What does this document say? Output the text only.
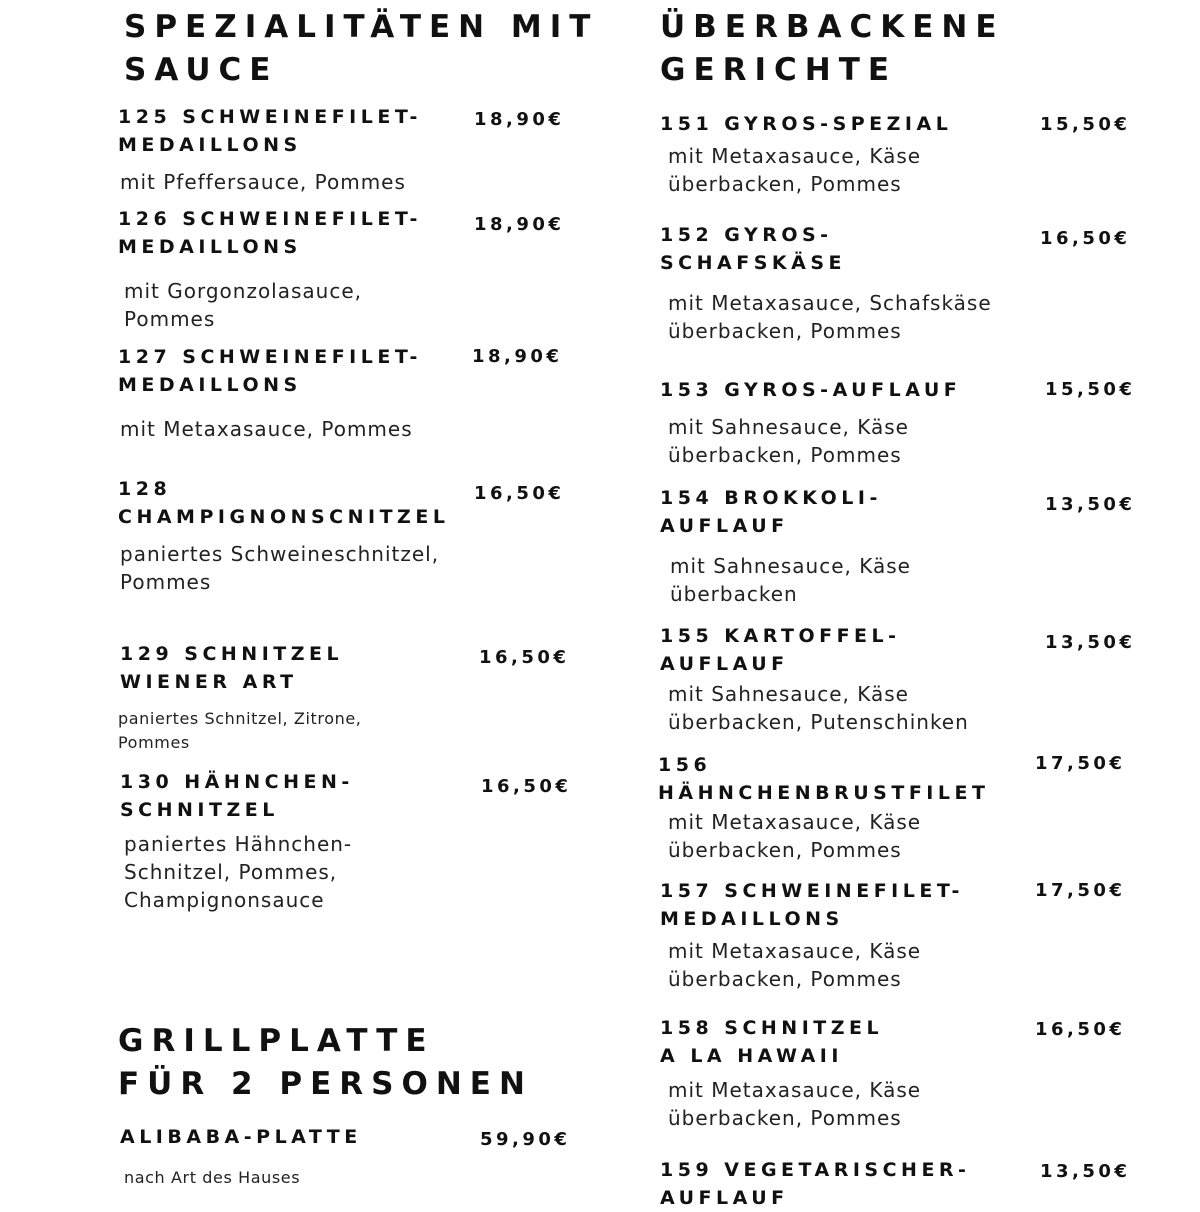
SPEZIALITÄTEN MIT
SAUCE
125 SCHWEINEFILET-
MEDAILLONS
18,90€
mit Pfeffersauce, Pommes
126 SCHWEINEFILET-
MEDAILLONS
18,90€
mit Gorgonzolasauce,
Pommes
127 SCHWEINEFILET-
MEDAILLONS
18,90€
mit Metaxasauce, Pommes
128
CHAMPIGNONSCNITZEL
16,50€
paniertes Schweineschnitzel,
Pommes
129 SCHNITZEL
WIENER ART
16,50€
paniertes Schnitzel, Zitrone,
Pommes
130 HÄHNCHEN-
SCHNITZEL
16,50€
paniertes Hähnchen-
Schnitzel, Pommes,
Champignonsauce
GRILLPLATTE
FÜR 2 PERSONEN
ALIBABA-PLATTE	59,90€
nach Art des Hauses
ÜBERBACKENE
GERICHTE
151 GYROS-SPEZIAL	15,50€
mit Metaxasauce, Käse
überbacken, Pommes
152 GYROS-
SCHAFSKÄSE
16,50€
mit Metaxasauce, Schafskäse
überbacken, Pommes
153 GYROS-AUFLAUF	15,50€
mit Sahnesauce, Käse
überbacken, Pommes
154 BROKKOLI-
AUFLAUF
13,50€
mit Sahnesauce, Käse
überbacken
155 KARTOFFEL-
AUFLAUF
13,50€
mit Sahnesauce, Käse
überbacken, Putenschinken
156
HÄHNCHENBRUSTFILET
17,50€
mit Metaxasauce, Käse
überbacken, Pommes
157 SCHWEINEFILET-
MEDAILLONS
17,50€
mit Metaxasauce, Käse
überbacken, Pommes
158 SCHNITZEL
A LA HAWAII
16,50€
mit Metaxasauce, Käse
überbacken, Pommes
159 VEGETARISCHER-
AUFLAUF
13,50€
